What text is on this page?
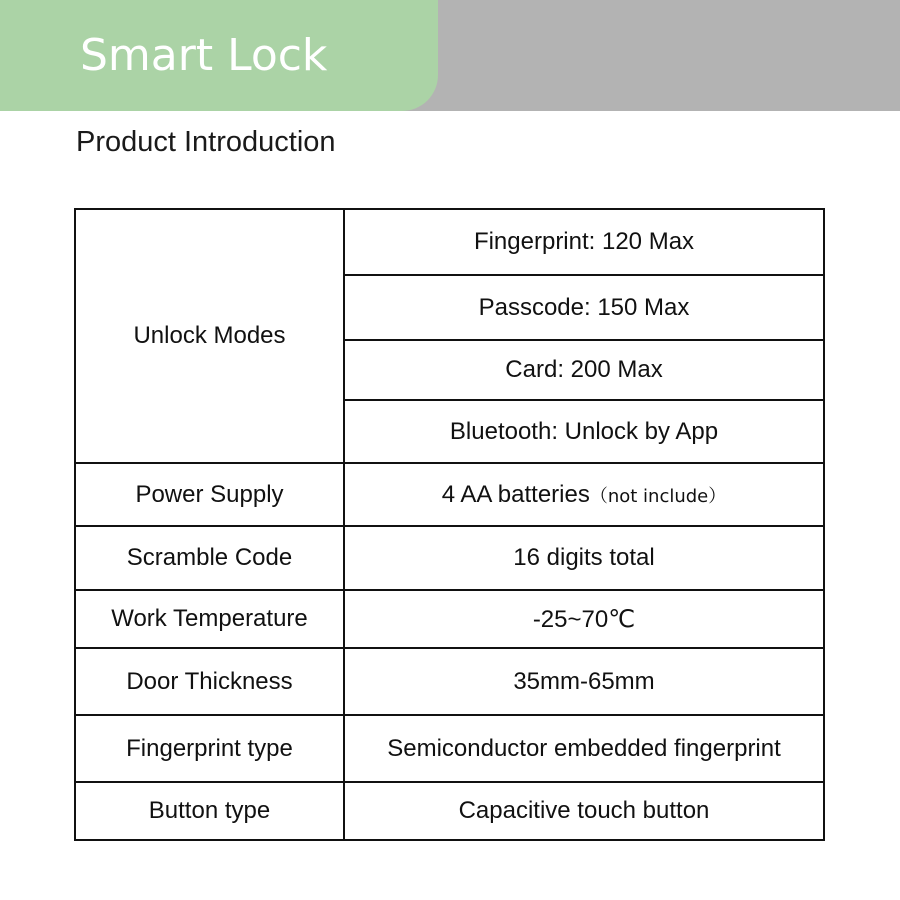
Smart Lock
Product Introduction
Unlock Modes	Fingerprint: 120 Max
	Passcode: 150 Max
	Card: 200 Max
	Bluetooth: Unlock by App
Power Supply	4 AA batteries（not include）
Scramble Code	16 digits total
Work Temperature	-25~70℃
Door Thickness	35mm-65mm
Fingerprint type	Semiconductor embedded fingerprint
Button type	Capacitive touch button
